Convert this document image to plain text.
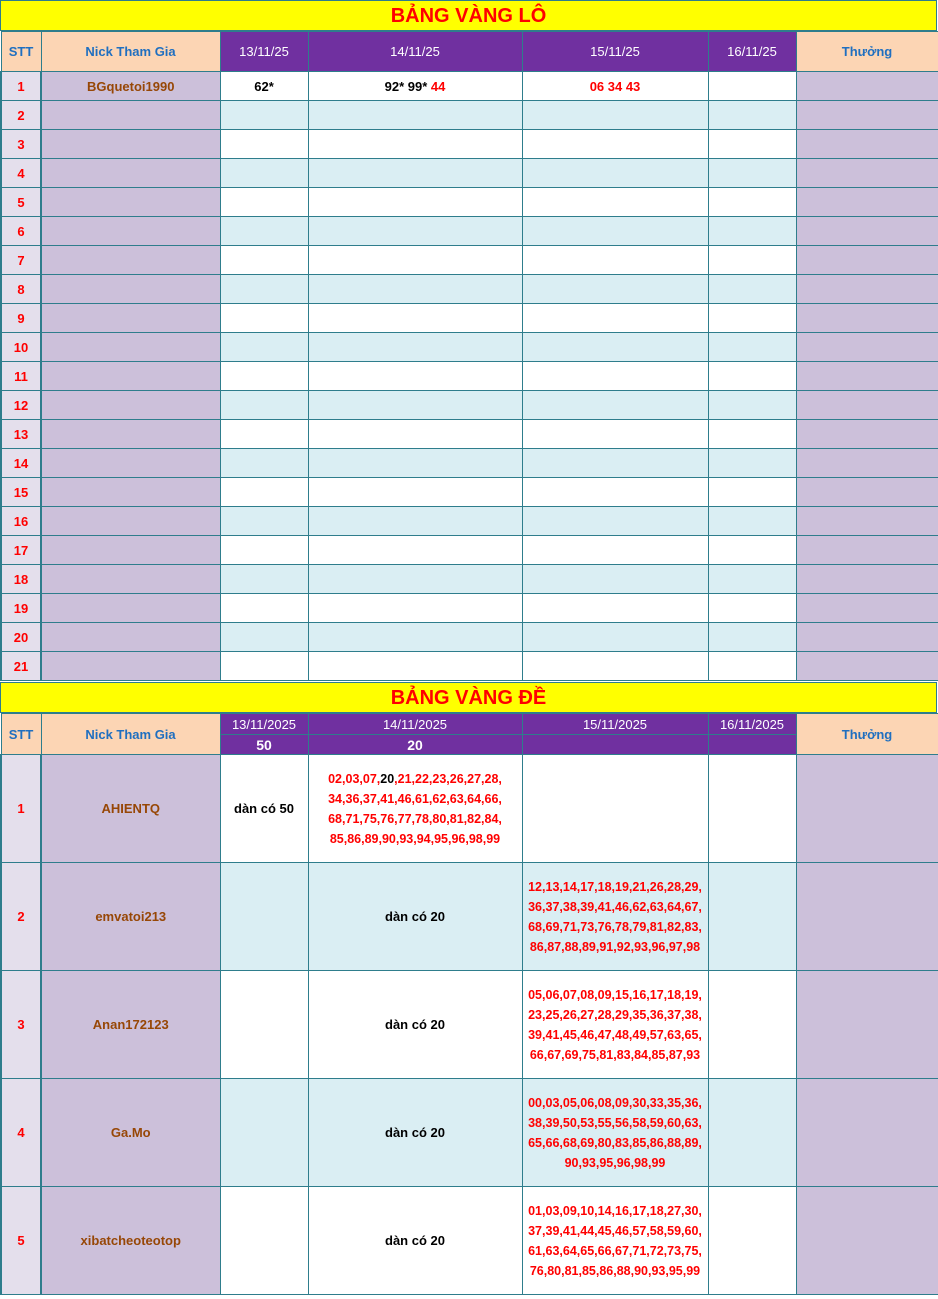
BẢNG VÀNG LÔ
STT	Nick Tham Gia	13/11/25	14/11/25	15/11/25	16/11/25	Thưởng
1	BGquetoi1990	62*	92* 99* 44	06 34 43		
2						
3						
4						
5						
6						
7						
8						
9						
10						
11						
12						
13						
14						
15						
16						
17						
18						
19						
20						
21						
BẢNG VÀNG ĐỀ
STT	Nick Tham Gia	13/11/2025	14/11/2025	15/11/2025	16/11/2025	Thưởng
		50	20			
1	AHIENTQ	dàn có 50	02,03,07,20,21,22,23,26,27,28, 34,36,37,41,46,61,62,63,64,66, 68,71,75,76,77,78,80,81,82,84, 85,86,89,90,93,94,95,96,98,99			
2	emvatoi213		dàn có 20	12,13,14,17,18,19,21,26,28,29, 36,37,38,39,41,46,62,63,64,67, 68,69,71,73,76,78,79,81,82,83, 86,87,88,89,91,92,93,96,97,98		
3	Anan172123		dàn có 20	05,06,07,08,09,15,16,17,18,19, 23,25,26,27,28,29,35,36,37,38, 39,41,45,46,47,48,49,57,63,65, 66,67,69,75,81,83,84,85,87,93		
4	Ga.Mo		dàn có 20	00,03,05,06,08,09,30,33,35,36, 38,39,50,53,55,56,58,59,60,63, 65,66,68,69,80,83,85,86,88,89, 90,93,95,96,98,99		
5	xibatcheoteotop		dàn có 20	01,03,09,10,14,16,17,18,27,30, 37,39,41,44,45,46,57,58,59,60, 61,63,64,65,66,67,71,72,73,75, 76,80,81,85,86,88,90,93,95,99		
